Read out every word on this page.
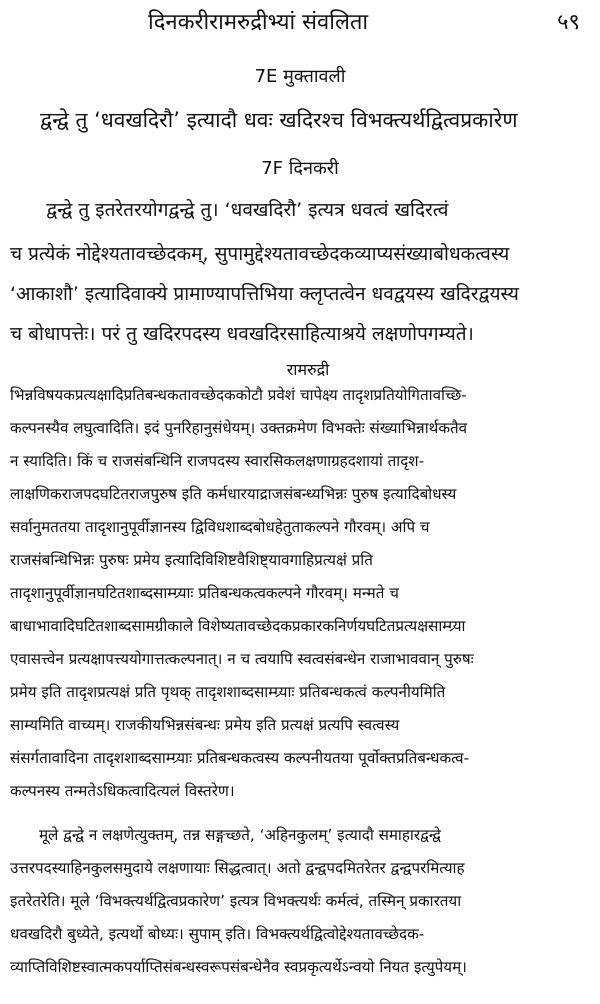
दिनकरीरामरुद्रीभ्यां संवलिता	५९
7E मुक्तावली
द्वन्द्वे तु ‘धवखदिरौ’ इत्यादौ धवः खदिरश्च विभक्त्यर्थद्वित्वप्रकारेण
7F दिनकरी
द्वन्द्वे तु इतरेतरयोगद्वन्द्वे तु। ‘धवखदिरौ’ इत्यत्र धवत्वं खदिरत्वं
च प्रत्येकं नोद्देश्यतावच्छेदकम्, सुपामुद्देश्यतावच्छेदकव्याप्यसंख्याबोधकत्वस्य
‘आकाशौ’ इत्यादिवाक्ये प्रामाण्यापत्तिभिया क्लृप्तत्वेन धवद्वयस्य खदिरद्वयस्य
च बोधापत्तेः। परं तु खदिरपदस्य धवखदिरसाहित्याश्रये लक्षणोपगम्यते।
रामरुद्री
भिन्नविषयकप्रत्यक्षादिप्रतिबन्धकतावच्छेदककोटौ प्रवेशं चापेक्ष्य तादृशप्रतियोगितावच्छि-
कल्पनस्यैव लघुत्वादिति। इदं पुनरिहानुसंधेयम्। उक्तक्रमेण विभक्तेः संख्याभिन्नार्थकतैव
न स्यादिति। किं च राजसंबन्धिनि राजपदस्य स्वारसिकलक्षणाग्रहदशायां तादृश-
लाक्षणिकराजपदघटितराजपुरुष इति कर्मधारयाद्राजसंबन्ध्यभिन्नः पुरुष इत्यादिबोधस्य
सर्वानुमततया तादृशानुपूर्वीज्ञानस्य द्विविधशाब्दबोधहेतुताकल्पने गौरवम्। अपि च
राजसंबन्धिभिन्नः पुरुषः प्रमेय इत्यादिविशिष्टवैशिष्ट्यावगाहिप्रत्यक्षं प्रति
तादृशानुपूर्वीज्ञानघटितशाब्दसाम्ग्र्याः प्रतिबन्धकत्वकल्पने गौरवम्। मन्मते च
बाधाभावादिघटितशाब्दसामग्रीकाले विशेष्यतावच्छेदकप्रकारकनिर्णयघटितप्रत्यक्षसाम्ग्र्या
एवासत्त्वेन प्रत्यक्षापत्त्ययोगात्तत्कल्पनात्। न च त्वयापि स्वत्वसंबन्धेन राजाभाववान् पुरुषः
प्रमेय इति तादृशप्रत्यक्षं प्रति पृथक् तादृशशाब्दसाम्ग्र्याः प्रतिबन्धकत्वं कल्पनीयमिति
साम्यमिति वाच्यम्। राजकीयभिन्नसंबन्धः प्रमेय इति प्रत्यक्षं प्रत्यपि स्वत्वस्य
संसर्गतावादिना तादृशशाब्दसाम्ग्र्याः प्रतिबन्धकत्वस्य कल्पनीयतया पूर्वोक्तप्रतिबन्धकत्व-
कल्पनस्य तन्मतेऽधिकत्वादित्यलं विस्तरेण।
मूले द्वन्द्वे न लक्षणेत्युक्तम्, तन्न सङ्गच्छते, ‘अहिनकुलम्’ इत्यादौ समाहारद्वन्द्वे
उत्तरपदस्याहिनकुलसमुदाये लक्षणायाः सिद्धत्वात्। अतो द्वन्द्वपदमितरेतर द्वन्द्वपरमित्याह
इतरेतरेति। मूले ‘विभक्त्यर्थद्वित्वप्रकारेण’ इत्यत्र विभक्त्यर्थः कर्मत्वं, तस्मिन् प्रकारतया
धवखदिरौ बुध्येते, इत्यर्थो बोध्यः। सुपाम् इति। विभक्त्यर्थद्वित्वोद्देश्यतावच्छेदक-
व्याप्तिविशिष्टस्वात्मकपर्याप्तिसंबन्धस्वरूपसंबन्धेनैव स्वप्रकृत्यर्थेऽन्वयो नियत इत्युपेयम्।
